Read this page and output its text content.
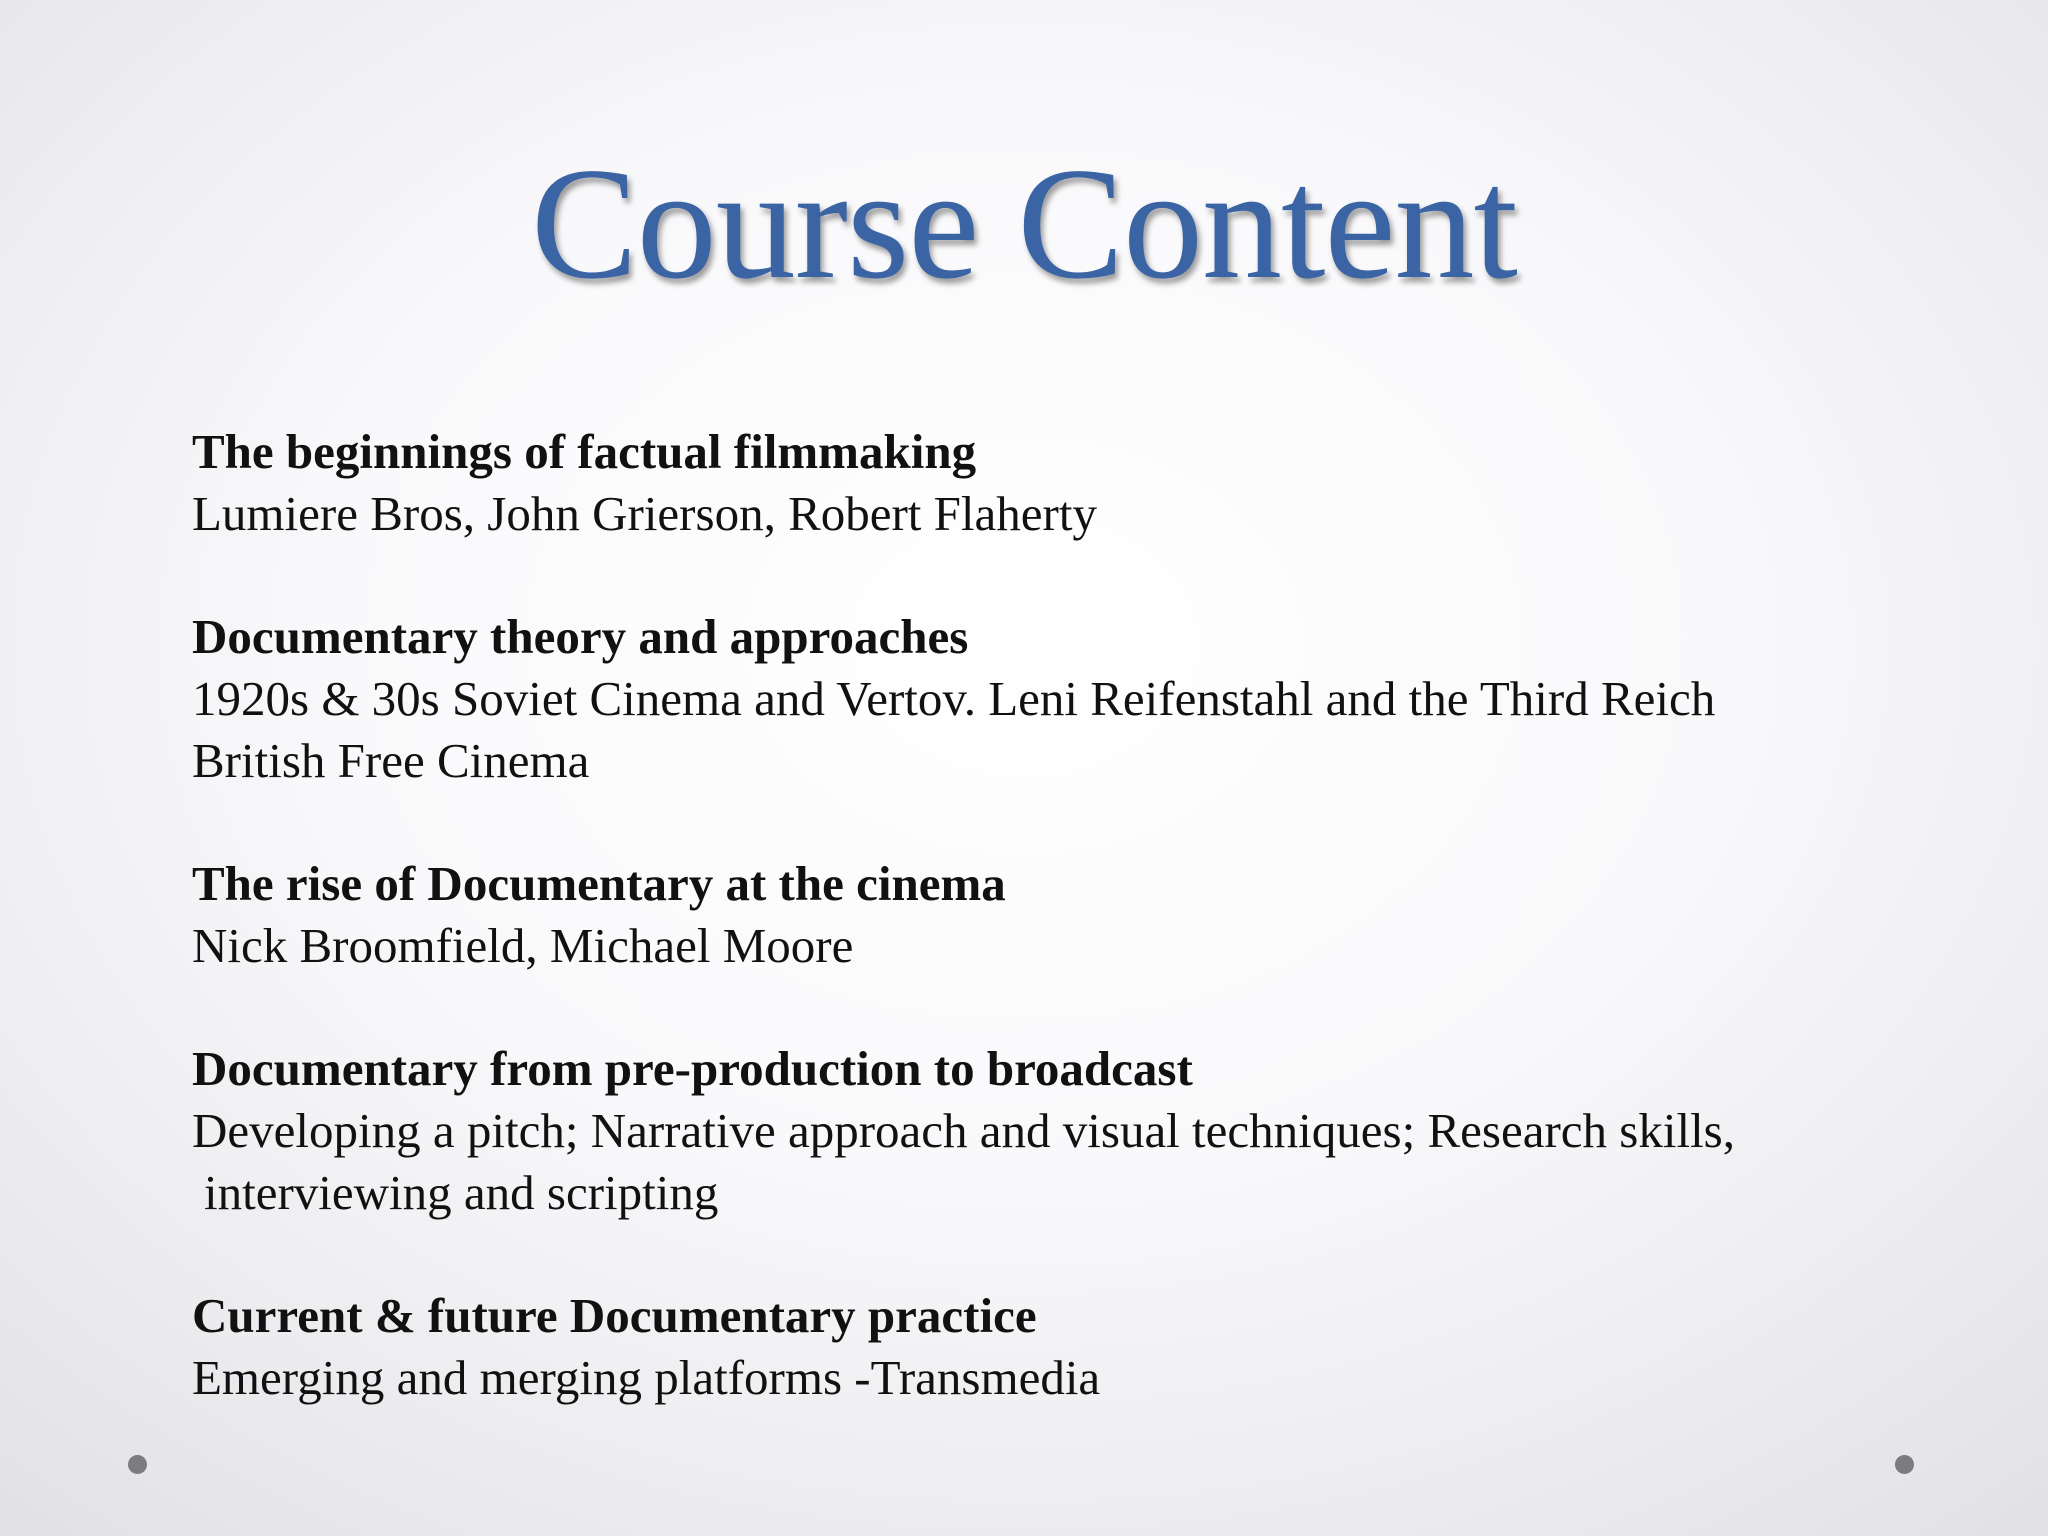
Course Content

The beginnings of factual filmmaking

Lumiere Bros, John Grierson, Robert Flaherty

Documentary theory and approaches

1920s & 30s Soviet Cinema and Vertov. Leni Reifenstahl and the Third Reich

British Free Cinema

The rise of Documentary at the cinema

Nick Broomfield, Michael Moore

Documentary from pre-production to broadcast

Developing a pitch; Narrative approach and visual techniques; Research skills,

interviewing and scripting

Current & future Documentary practice

Emerging and merging platforms -Transmedia
